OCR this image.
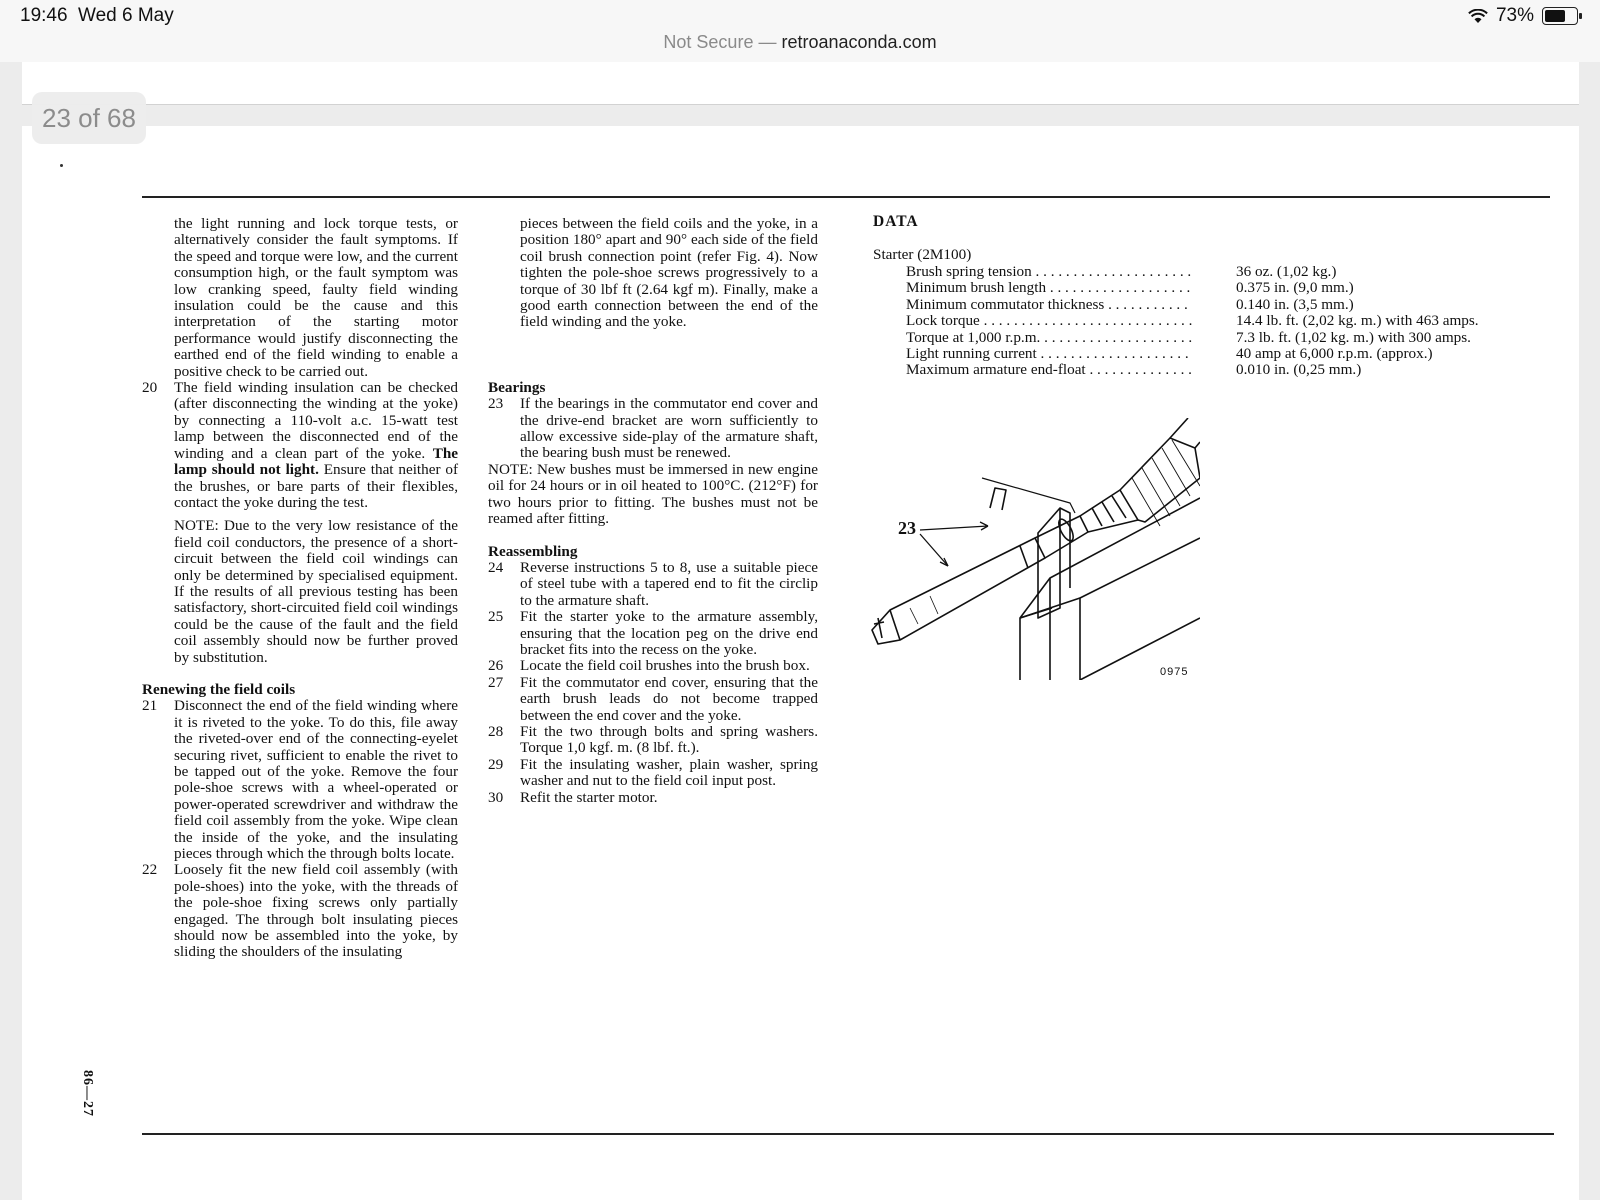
19:46 Wed 6 May
Not Secure — retroanaconda.com
73%
23 of 68

the light running and lock torque tests, or alternatively consider the fault symptoms. If the speed and torque were low, and the current consumption high, or the fault symptom was low cranking speed, faulty field winding insulation could be the cause and this interpretation of the starting motor performance would justify disconnecting the earthed end of the field winding to enable a positive check to be carried out.

20	The field winding insulation can be checked (after disconnecting the winding at the yoke) by connecting a 110-volt a.c. 15-watt test lamp between the disconnected end of the winding and a clean part of the yoke. The lamp should not light. Ensure that neither of the brushes, or bare parts of their flexibles, contact the yoke during the test.

NOTE: Due to the very low resistance of the field coil conductors, the presence of a short-circuit between the field coil windings can only be determined by specialised equipment. If the results of all previous testing has been satisfactory, short-circuited field coil windings could be the cause of the fault and the field coil assembly should now be further proved by substitution.

Renewing the field coils

21	Disconnect the end of the field winding where it is riveted to the yoke. To do this, file away the riveted-over end of the connecting-eyelet securing rivet, sufficient to enable the rivet to be tapped out of the yoke. Remove the four pole-shoe screws with a wheel-operated or power-operated screwdriver and withdraw the field coil assembly from the yoke. Wipe clean the inside of the yoke, and the insulating pieces through which the through bolts locate.
22	Loosely fit the new field coil assembly (with pole-shoes) into the yoke, with the threads of the pole-shoe fixing screws only partially engaged. The through bolt insulating pieces should now be assembled into the yoke, by sliding the shoulders of the insulating

pieces between the field coils and the yoke, in a position 180° apart and 90° each side of the field coil brush connection point (refer Fig. 4). Now tighten the pole-shoe screws progressively to a torque of 30 lbf ft (2.64 kgf m). Finally, make a good earth connection between the end of the field winding and the yoke.

Bearings

23	If the bearings in the commutator end cover and the drive-end bracket are worn sufficiently to allow excessive side-play of the armature shaft, the bearing bush must be renewed.

NOTE: New bushes must be immersed in new engine oil for 24 hours or in oil heated to 100°C. (212°F) for two hours prior to fitting. The bushes must not be reamed after fitting.

Reassembling

24	Reverse instructions 5 to 8, use a suitable piece of steel tube with a tapered end to fit the circlip to the armature shaft.
25	Fit the starter yoke to the armature assembly, ensuring that the location peg on the drive end bracket fits into the recess on the yoke.
26	Locate the field coil brushes into the brush box.
27	Fit the commutator end cover, ensuring that the earth brush leads do not become trapped between the end cover and the yoke.
28	Fit the two through bolts and spring washers. Torque 1,0 kgf. m. (8 lbf. ft.).
29	Fit the insulating washer, plain washer, spring washer and nut to the field coil input post.
30	Refit the starter motor.
DATA
Starter (2M100)
Brush spring tension . . .	36 oz. (1,02 kg.)
Minimum brush length . . .	0.375 in. (9,0 mm.)
Minimum commutator thickness . . .	0.140 in. (3,5 mm.)
Lock torque . . .	14.4 lb. ft. (2,02 kg. m.) with 463 amps.
Torque at 1,000 r.p.m. . . .	7.3 lb. ft. (1,02 kg. m.) with 300 amps.
Light running current . . .	40 amp at 6,000 r.p.m. (approx.)
Maximum armature end-float . . .	0.010 in. (0,25 mm.)
23
0975
86—27
